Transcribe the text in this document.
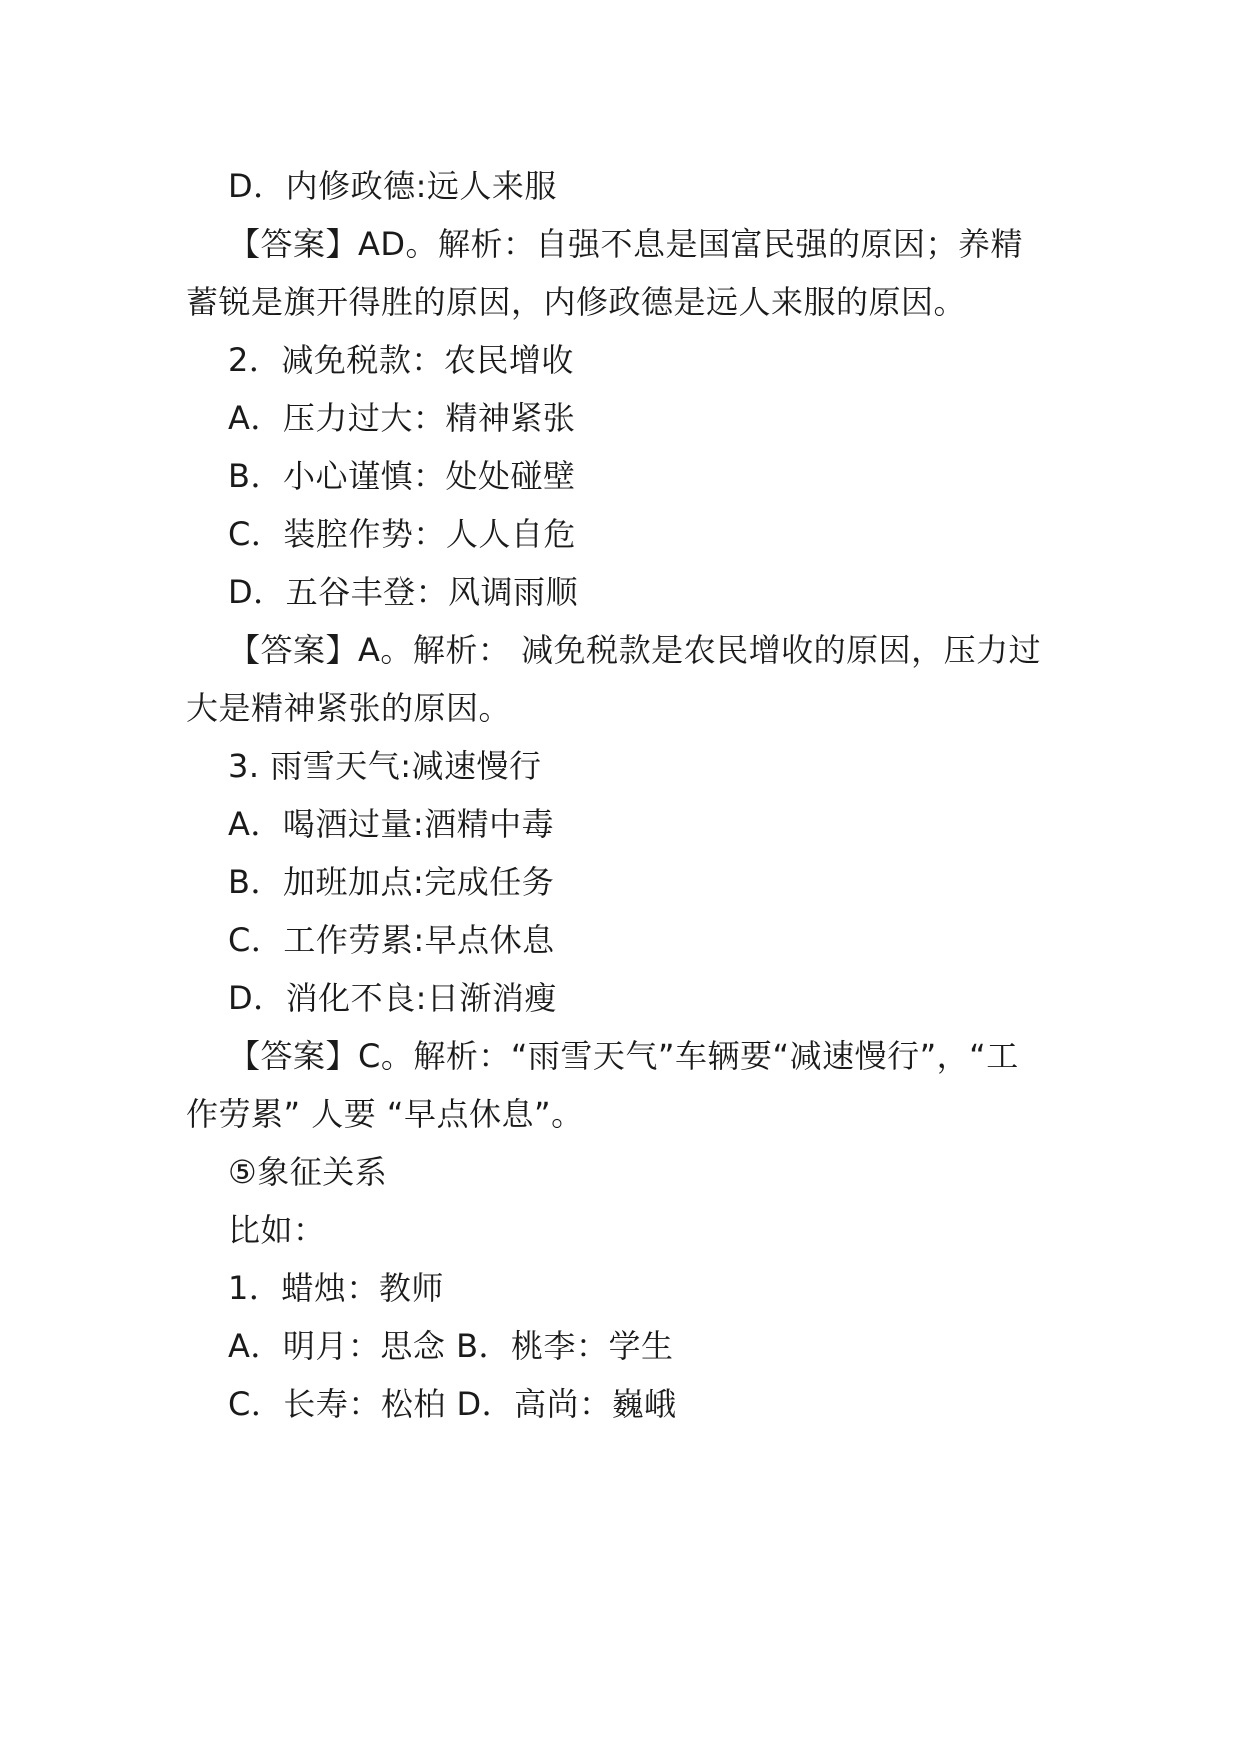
D．内修政德:远人来服
【答案】AD。解析：自强不息是国富民强的原因；养精
蓄锐是旗开得胜的原因，内修政德是远人来服的原因。
2．减免税款：农民增收
A．压力过大：精神紧张
B．小心谨慎：处处碰壁
C．装腔作势：人人自危
D．五谷丰登：风调雨顺
【答案】A。解析： 减免税款是农民增收的原因，压力过
大是精神紧张的原因。
3. 雨雪天气:减速慢行
A．喝酒过量:酒精中毒
B．加班加点:完成任务
C．工作劳累:早点休息
D．消化不良:日渐消瘦
【答案】C。解析：“雨雪天气”车辆要“减速慢行”，“工
作劳累” 人要 “早点休息”。
⑤象征关系
比如：
1．蜡烛：教师
A．明月：思念 B．桃李：学生
C．长寿：松柏 D．高尚：巍峨
